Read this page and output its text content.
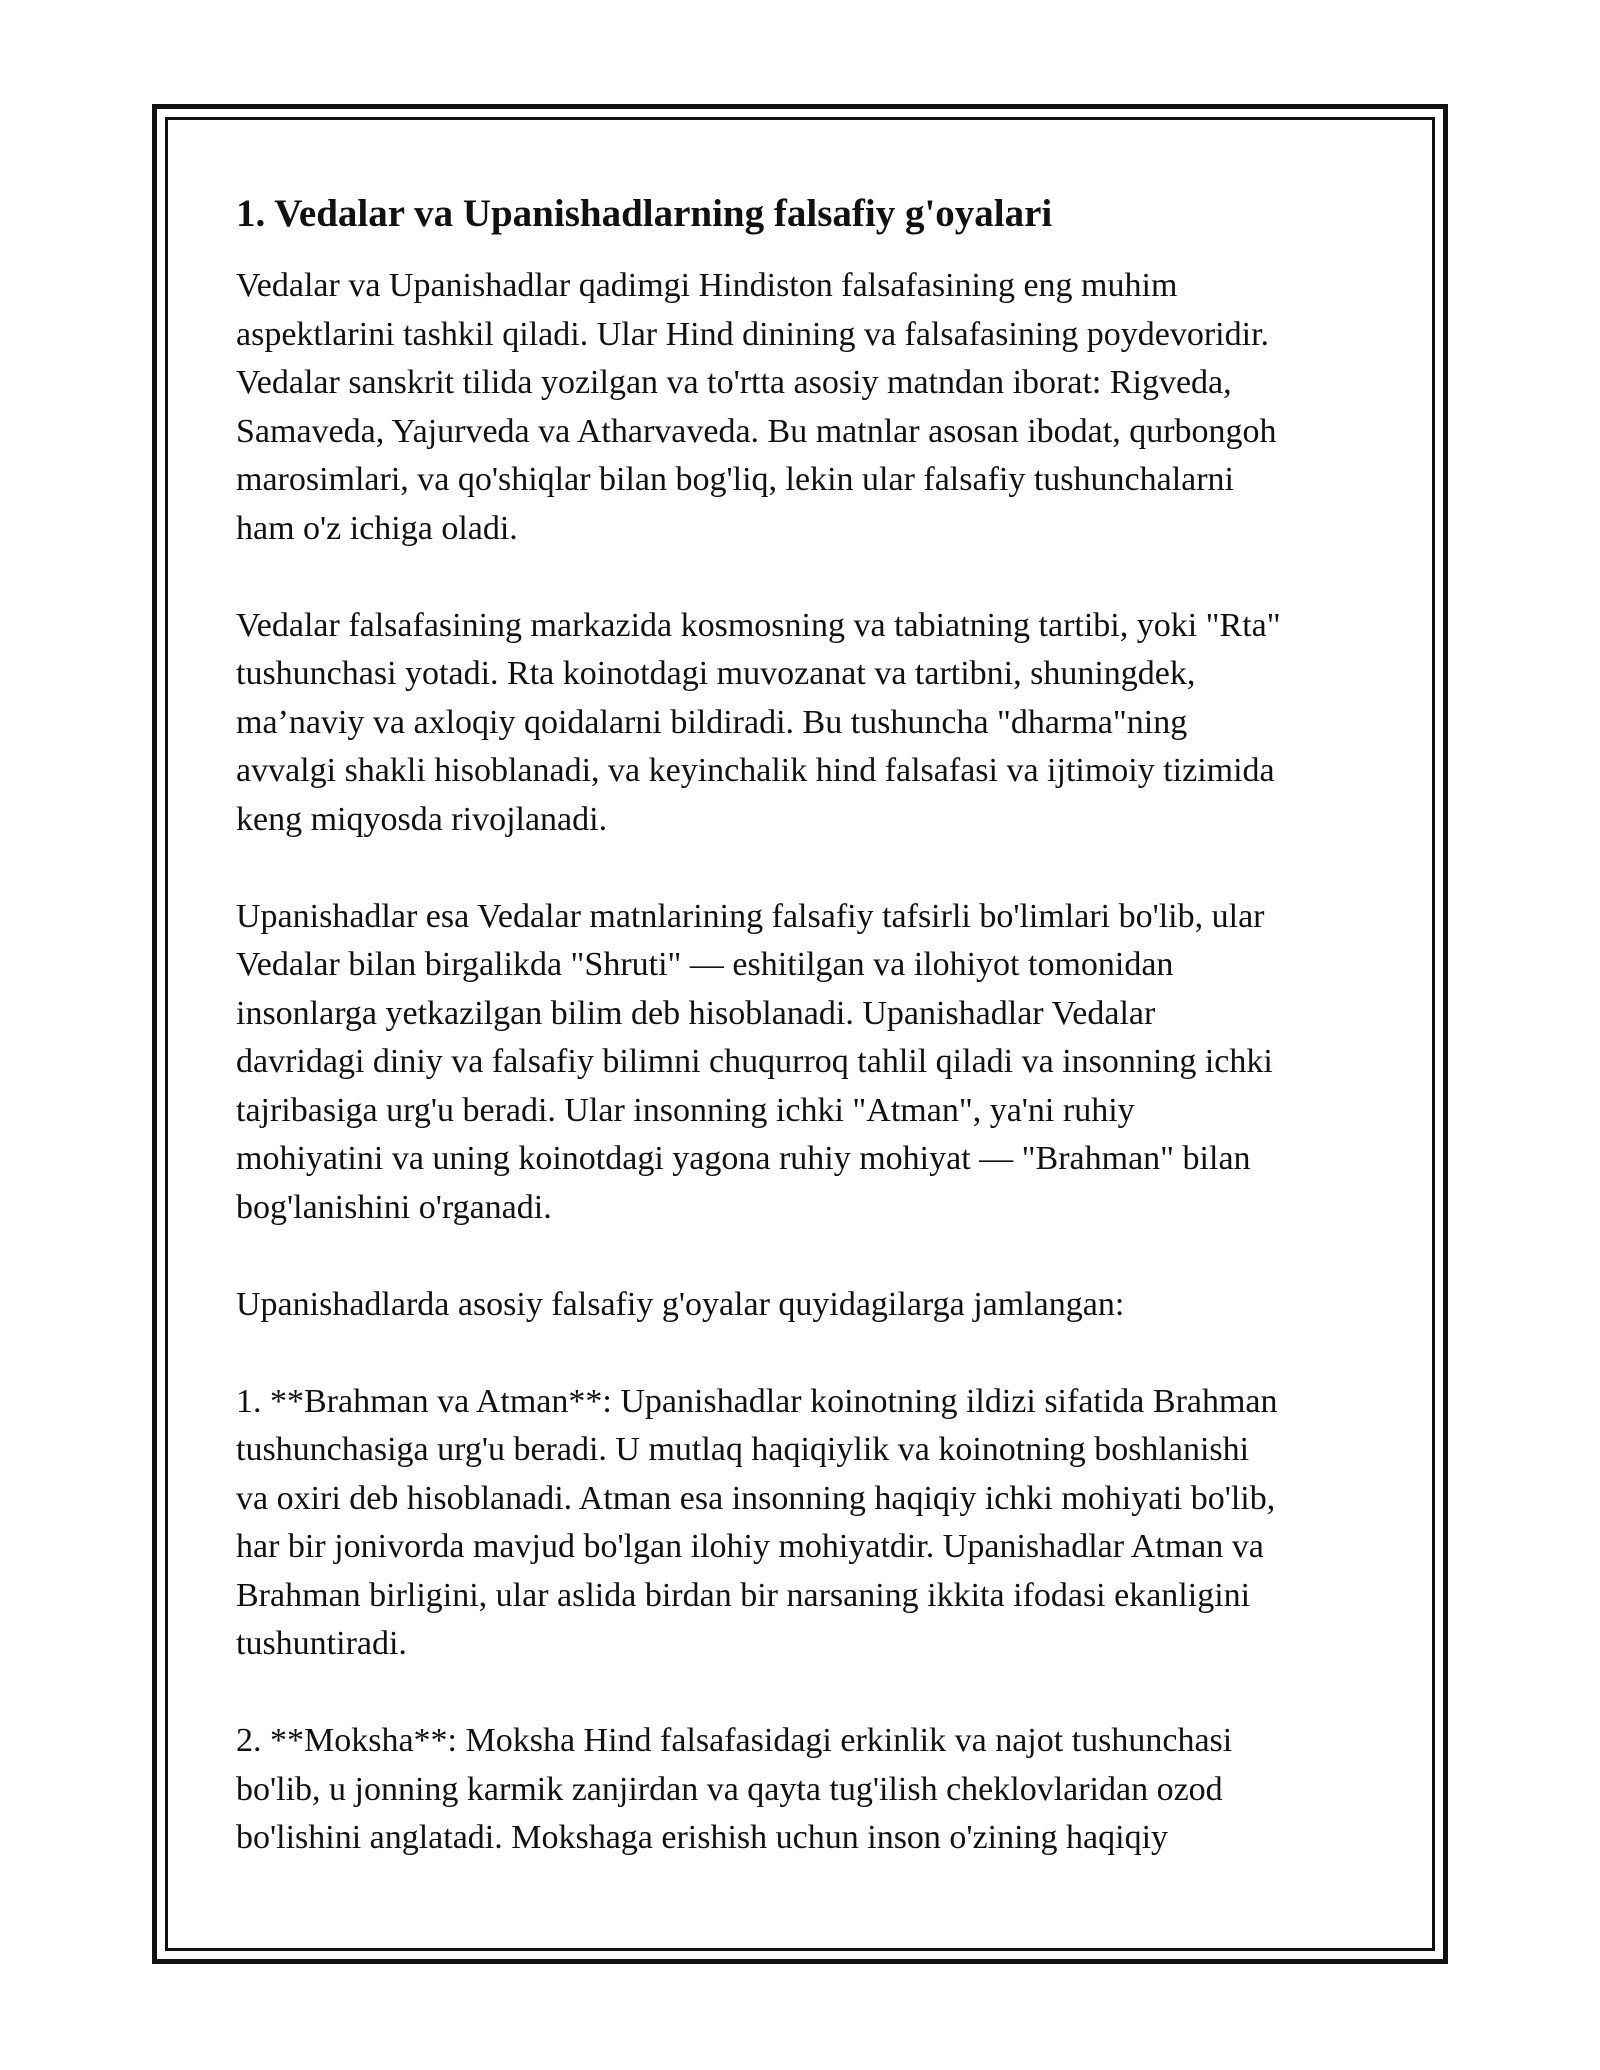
1. Vedalar va Upanishadlarning falsafiy g'oyalari

Vedalar va Upanishadlar qadimgi Hindiston falsafasining eng muhim
aspektlarini tashkil qiladi. Ular Hind dinining va falsafasining poydevoridir.
Vedalar sanskrit tilida yozilgan va to'rtta asosiy matndan iborat: Rigveda,
Samaveda, Yajurveda va Atharvaveda. Bu matnlar asosan ibodat, qurbongoh
marosimlari, va qo'shiqlar bilan bog'liq, lekin ular falsafiy tushunchalarni
ham o'z ichiga oladi.

Vedalar falsafasining markazida kosmosning va tabiatning tartibi, yoki "Rta"
tushunchasi yotadi. Rta koinotdagi muvozanat va tartibni, shuningdek,
ma’naviy va axloqiy qoidalarni bildiradi. Bu tushuncha "dharma"ning
avvalgi shakli hisoblanadi, va keyinchalik hind falsafasi va ijtimoiy tizimida
keng miqyosda rivojlanadi.

Upanishadlar esa Vedalar matnlarining falsafiy tafsirli bo'limlari bo'lib, ular
Vedalar bilan birgalikda "Shruti" — eshitilgan va ilohiyot tomonidan
insonlarga yetkazilgan bilim deb hisoblanadi. Upanishadlar Vedalar
davridagi diniy va falsafiy bilimni chuqurroq tahlil qiladi va insonning ichki
tajribasiga urg'u beradi. Ular insonning ichki "Atman", ya'ni ruhiy
mohiyatini va uning koinotdagi yagona ruhiy mohiyat — "Brahman" bilan
bog'lanishini o'rganadi.

Upanishadlarda asosiy falsafiy g'oyalar quyidagilarga jamlangan:

1. **Brahman va Atman**: Upanishadlar koinotning ildizi sifatida Brahman
tushunchasiga urg'u beradi. U mutlaq haqiqiylik va koinotning boshlanishi
va oxiri deb hisoblanadi. Atman esa insonning haqiqiy ichki mohiyati bo'lib,
har bir jonivorda mavjud bo'lgan ilohiy mohiyatdir. Upanishadlar Atman va
Brahman birligini, ular aslida birdan bir narsaning ikkita ifodasi ekanligini
tushuntiradi.

2. **Moksha**: Moksha Hind falsafasidagi erkinlik va najot tushunchasi
bo'lib, u jonning karmik zanjirdan va qayta tug'ilish cheklovlaridan ozod
bo'lishini anglatadi. Mokshaga erishish uchun inson o'zining haqiqiy
